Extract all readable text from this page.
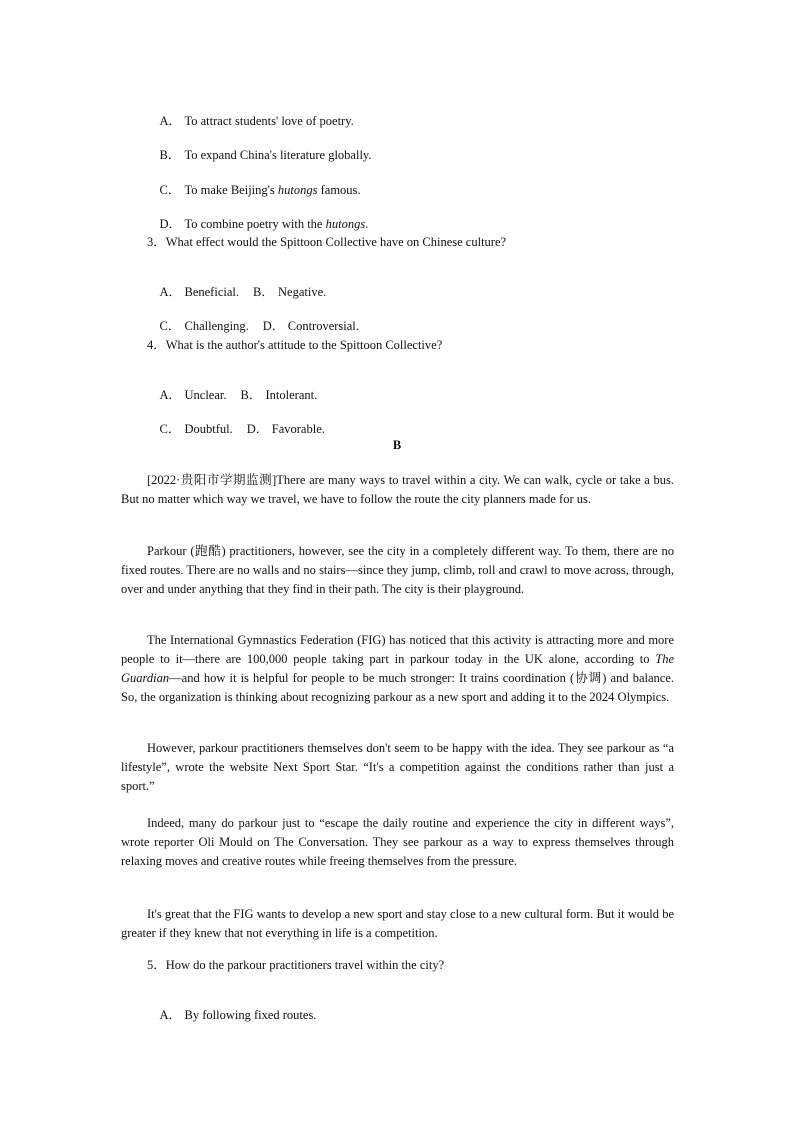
A． To attract students' love of poetry.

B． To expand China's literature globally.

C． To make Beijing's hutongs famous.

D． To combine poetry with the hutongs.

3．What effect would the Spittoon Collective have on Chinese culture?

A． Beneficial. B． Negative.

C． Challenging. D． Controversial.

4．What is the author's attitude to the Spittoon Collective?

A． Unclear. B． Intolerant.

C． Doubtful. D． Favorable.

B
[2022·贵阳市学期监测]There are many ways to travel within a city. We can walk, cycle or take a bus. But no matter which way we travel, we have to follow the route the city planners made for us.
Parkour (跑酷) practitioners, however, see the city in a completely different way. To them, there are no fixed routes. There are no walls and no stairs—since they jump, climb, roll and crawl to move across, through, over and under anything that they find in their path. The city is their playground.
The International Gymnastics Federation (FIG) has noticed that this activity is attracting more and more people to it—there are 100,000 people taking part in parkour today in the UK alone, according to The Guardian—and how it is helpful for people to be much stronger: It trains coordination (协调) and balance. So, the organization is thinking about recognizing parkour as a new sport and adding it to the 2024 Olympics.
However, parkour practitioners themselves don't seem to be happy with the idea. They see parkour as “a lifestyle”, wrote the website Next Sport Star. “It's a competition against the conditions rather than just a sport.”
Indeed, many do parkour just to “escape the daily routine and experience the city in different ways”, wrote reporter Oli Mould on The Conversation. They see parkour as a way to express themselves through relaxing moves and creative routes while freeing themselves from the pressure.
It's great that the FIG wants to develop a new sport and stay close to a new cultural form. But it would be greater if they knew that not everything in life is a competition.
5．How do the parkour practitioners travel within the city?

A． By following fixed routes.
